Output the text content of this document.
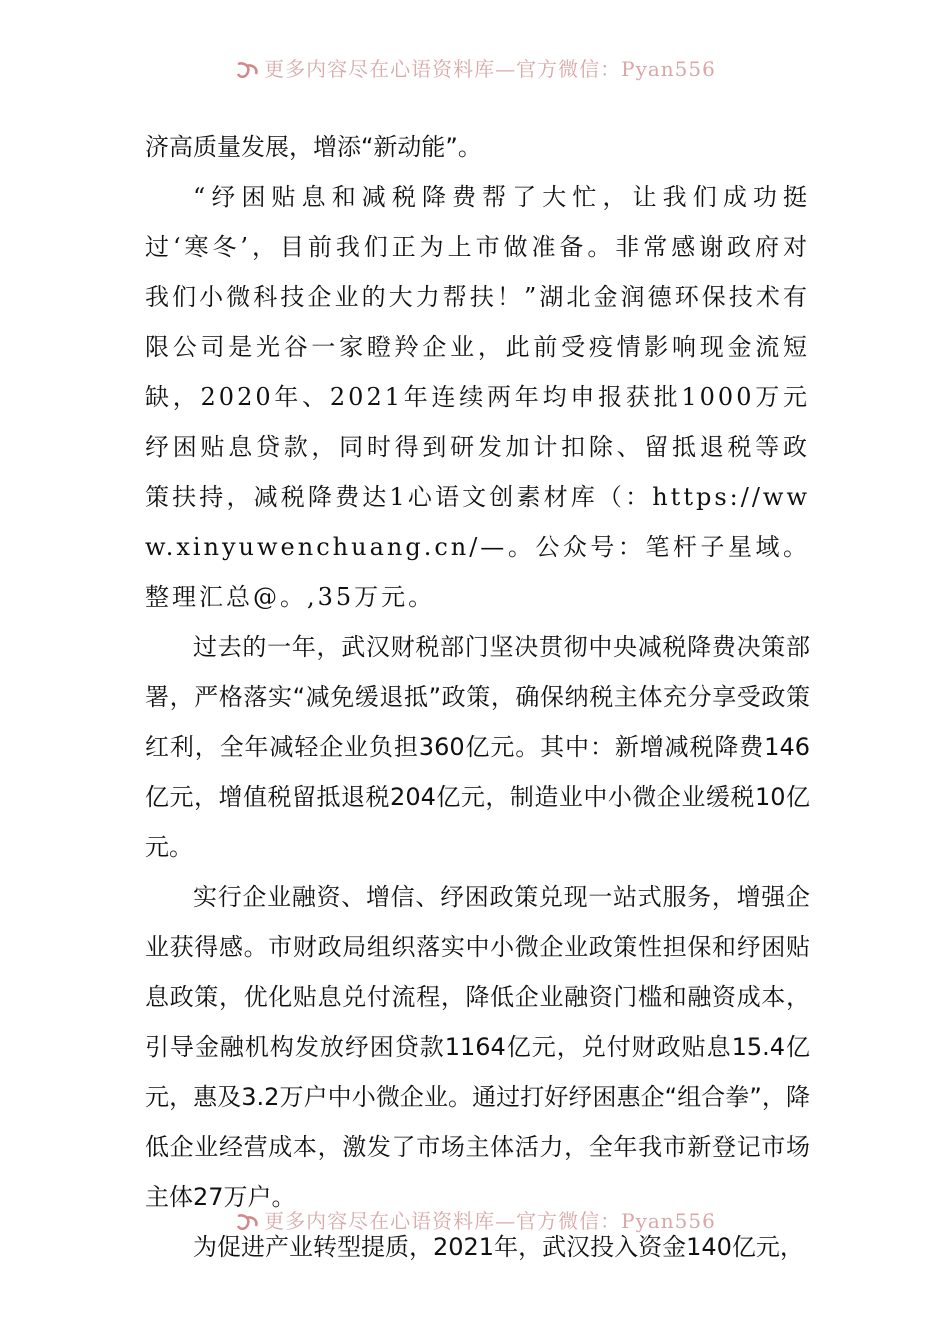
更多内容尽在心语资料库—官方微信：Pyan556

济高质量发展，增添“新动能”。

“纾困贴息和减税降费帮了大忙，让我们成功挺过‘寒冬’，目前我们正为上市做准备。非常感谢政府对我们小微科技企业的大力帮扶！”湖北金润德环保技术有限公司是光谷一家瞪羚企业，此前受疫情影响现金流短缺，2020年、2021年连续两年均申报获批1000万元纾困贴息贷款，同时得到研发加计扣除、留抵退税等政策扶持，减税降费达1心语文创素材库（：https://www.xinyuwenchuang.cn/—。公众号：笔杆子星域。整理汇总@。,35万元。

过去的一年，武汉财税部门坚决贯彻中央减税降费决策部署，严格落实“减免缓退抵”政策，确保纳税主体充分享受政策红利，全年减轻企业负担360亿元。其中：新增减税降费146亿元，增值税留抵退税204亿元，制造业中小微企业缓税10亿元。

实行企业融资、增信、纾困政策兑现一站式服务，增强企业获得感。市财政局组织落实中小微企业政策性担保和纾困贴息政策，优化贴息兑付流程，降低企业融资门槛和融资成本，引导金融机构发放纾困贷款1164亿元，兑付财政贴息15.4亿元，惠及3.2万户中小微企业。通过打好纾困惠企“组合拳”，降低企业经营成本，激发了市场主体活力，全年我市新登记市场主体27万户。

为促进产业转型提质，2021年，武汉投入资金140亿元，

更多内容尽在心语资料库—官方微信：Pyan556
